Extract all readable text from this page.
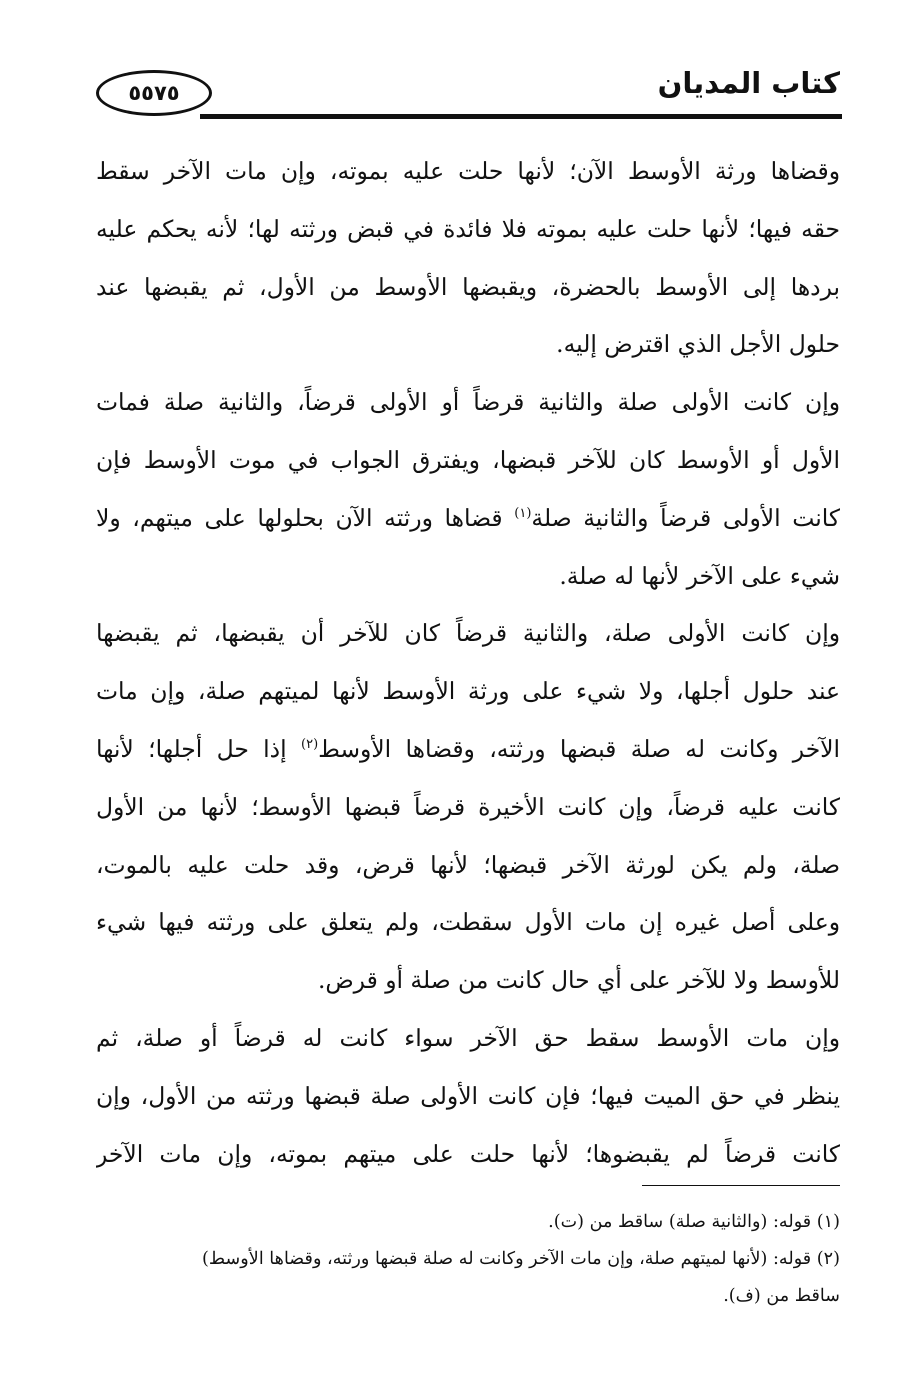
٥٥٧٥	كتاب المديان
وقضاها ورثة الأوسط الآن؛ لأنها حلت عليه بموته، وإن مات الآخر سقط
حقه فيها؛ لأنها حلت عليه بموته فلا فائدة في قبض ورثته لها؛ لأنه يحكم عليه
بردها إلى الأوسط بالحضرة، ويقبضها الأوسط من الأول، ثم يقبضها عند
حلول الأجل الذي اقترض إليه.
وإن كانت الأولى صلة والثانية قرضاً أو الأولى قرضاً، والثانية صلة فمات
الأول أو الأوسط كان للآخر قبضها، ويفترق الجواب في موت الأوسط فإن
كانت الأولى قرضاً والثانية صلة$^{(١)}$ قضاها ورثته الآن بحلولها على ميتهم، ولا
شيء على الآخر لأنها له صلة.
وإن كانت الأولى صلة، والثانية قرضاً كان للآخر أن يقبضها، ثم يقبضها
عند حلول أجلها، ولا شيء على ورثة الأوسط لأنها لميتهم صلة، وإن مات
الآخر وكانت له صلة قبضها ورثته، وقضاها الأوسط$^{(٢)}$ إذا حل أجلها؛ لأنها
كانت عليه قرضاً، وإن كانت الأخيرة قرضاً قبضها الأوسط؛ لأنها من الأول
صلة، ولم يكن لورثة الآخر قبضها؛ لأنها قرض، وقد حلت عليه بالموت،
وعلى أصل غيره إن مات الأول سقطت، ولم يتعلق على ورثته فيها شيء
للأوسط ولا للآخر على أي حال كانت من صلة أو قرض.
وإن مات الأوسط سقط حق الآخر سواء كانت له قرضاً أو صلة، ثم
ينظر في حق الميت فيها؛ فإن كانت الأولى صلة قبضها ورثته من الأول، وإن
كانت قرضاً لم يقبضوها؛ لأنها حلت على ميتهم بموته، وإن مات الآخر
(١) قوله: (والثانية صلة) ساقط من (ت).
(٢) قوله: (لأنها لميتهم صلة، وإن مات الآخر وكانت له صلة قبضها ورثته، وقضاها الأوسط)
ساقط من (ف).
